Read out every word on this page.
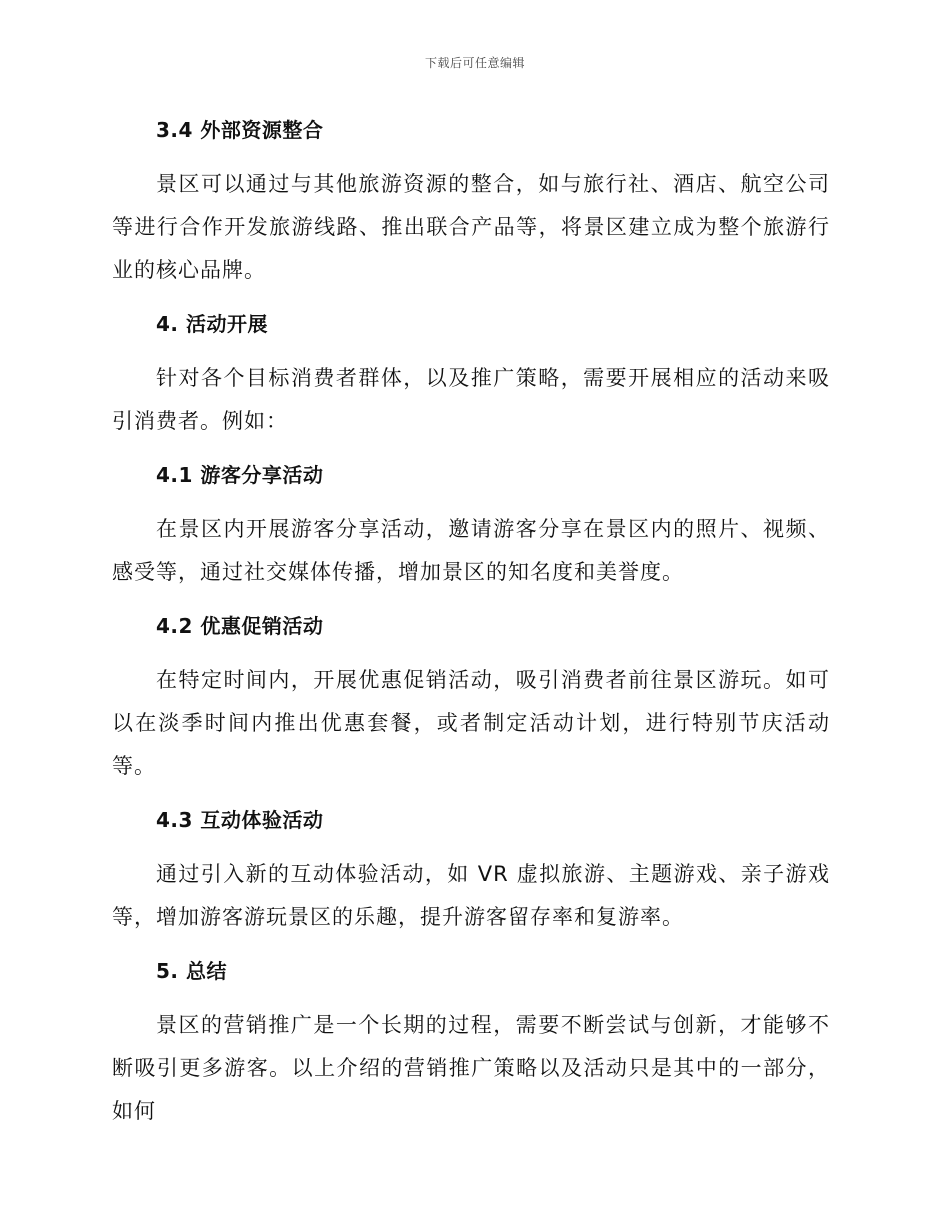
下载后可任意编辑
3.4 外部资源整合

景区可以通过与其他旅游资源的整合，如与旅行社、酒店、航空公司等进行合作开发旅游线路、推出联合产品等，将景区建立成为整个旅游行业的核心品牌。

4. 活动开展

针对各个目标消费者群体，以及推广策略，需要开展相应的活动来吸引消费者。例如：

4.1 游客分享活动

在景区内开展游客分享活动，邀请游客分享在景区内的照片、视频、感受等，通过社交媒体传播，增加景区的知名度和美誉度。

4.2 优惠促销活动

在特定时间内，开展优惠促销活动，吸引消费者前往景区游玩。如可以在淡季时间内推出优惠套餐，或者制定活动计划，进行特别节庆活动等。

4.3 互动体验活动

通过引入新的互动体验活动，如 VR 虚拟旅游、主题游戏、亲子游戏等，增加游客游玩景区的乐趣，提升游客留存率和复游率。

5. 总结

景区的营销推广是一个长期的过程，需要不断尝试与创新，才能够不断吸引更多游客。以上介绍的营销推广策略以及活动只是其中的一部分，如何
